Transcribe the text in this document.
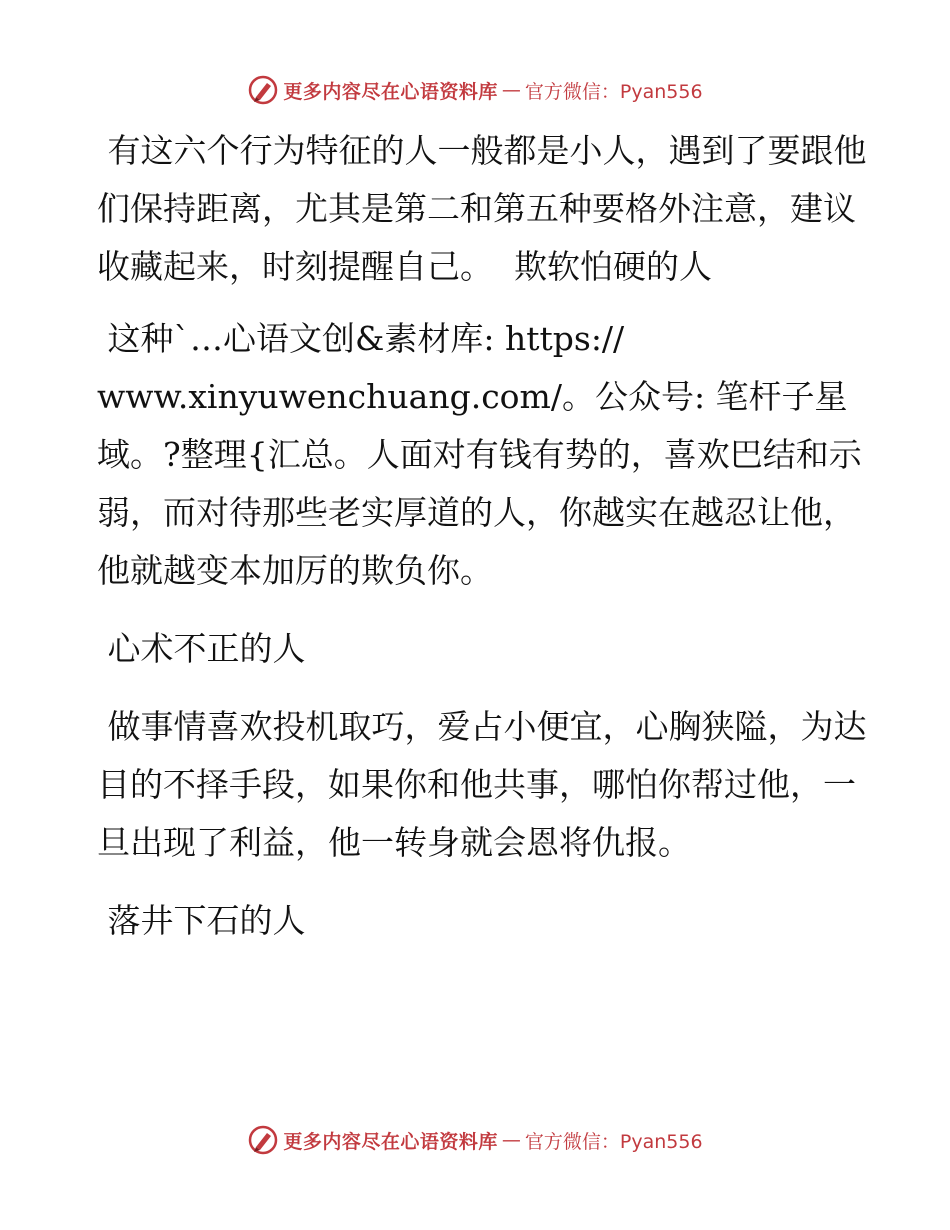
更多内容尽在心语资料库 — 官方微信：Pyan556

有这六个行为特征的人一般都是小人，遇到了要跟他们保持距离，尤其是第二和第五种要格外注意，建议收藏起来，时刻提醒自己。  欺软怕硬的人

这种`…心语文创&素材库: https://
www.xinyuwenchuang.com/。公众号: 笔杆子星域。?整理{汇总。人面对有钱有势的，喜欢巴结和示弱，而对待那些老实厚道的人，你越实在越忍让他，他就越变本加厉的欺负你。

心术不正的人

做事情喜欢投机取巧，爱占小便宜，心胸狭隘，为达目的不择手段，如果你和他共事，哪怕你帮过他，一旦出现了利益，他一转身就会恩将仇报。

落井下石的人

更多内容尽在心语资料库 — 官方微信：Pyan556
